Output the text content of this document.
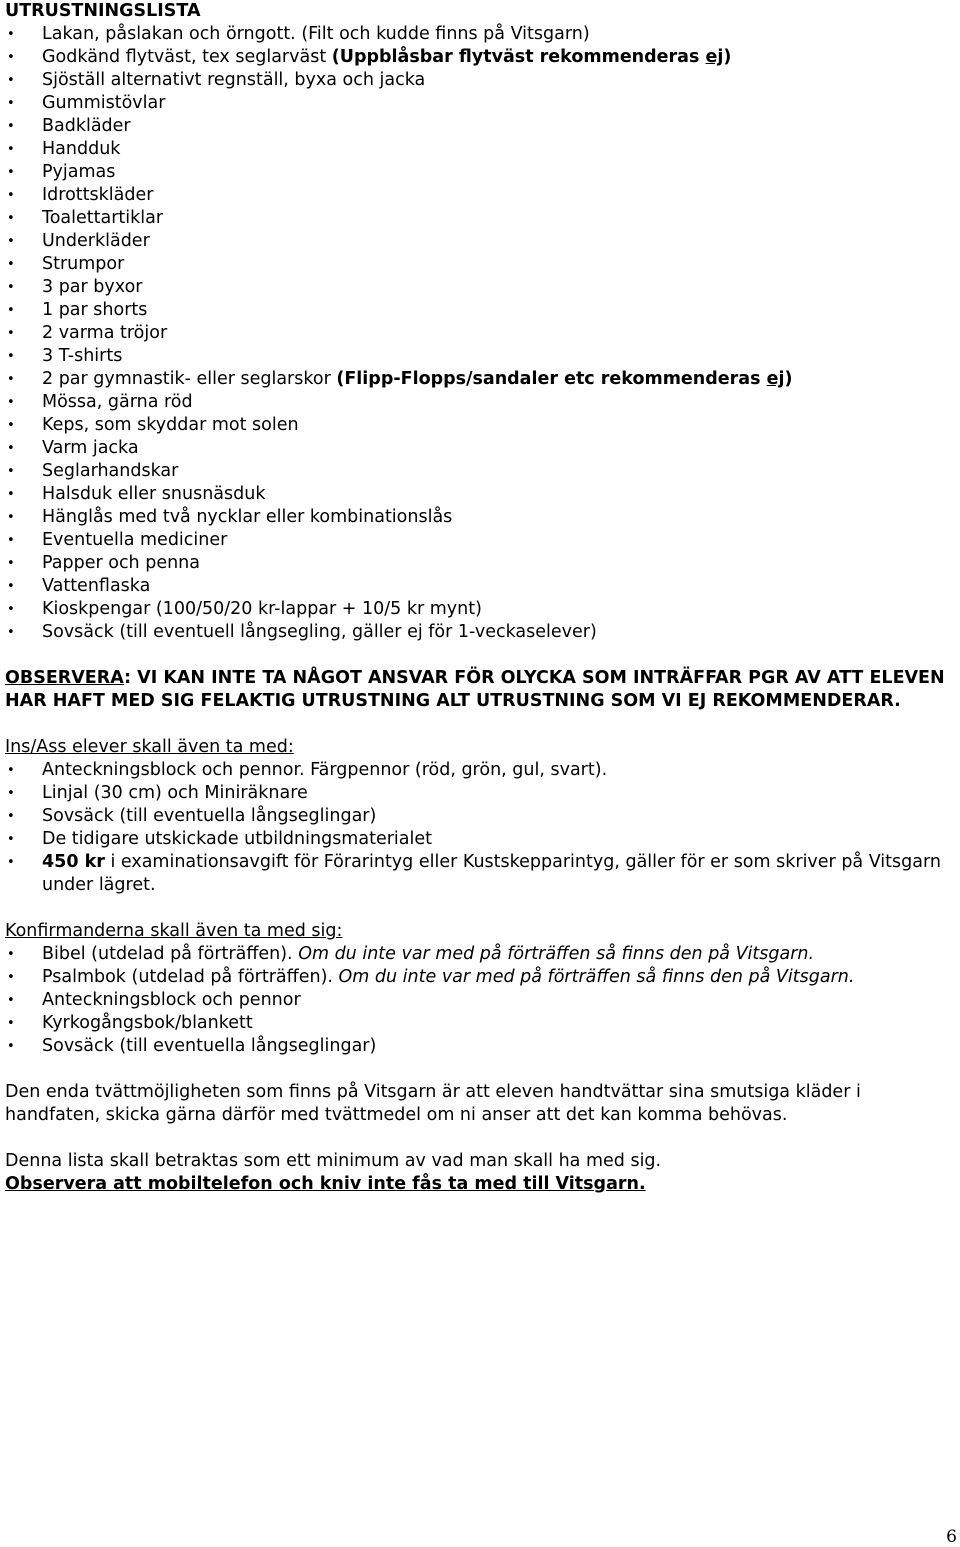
UTRUSTNINGSLISTA
• Lakan, påslakan och örngott. (Filt och kudde finns på Vitsgarn)
• Godkänd flytväst, tex seglarväst (Uppblåsbar flytväst rekommenderas ej)
• Sjöställ alternativt regnställ, byxa och jacka
• Gummistövlar
• Badkläder
• Handduk
• Pyjamas
• Idrottskläder
• Toalettartiklar
• Underkläder
• Strumpor
• 3 par byxor
• 1 par shorts
• 2 varma tröjor
• 3 T-shirts
• 2 par gymnastik- eller seglarskor (Flipp-Flopps/sandaler etc rekommenderas ej)
• Mössa, gärna röd
• Keps, som skyddar mot solen
• Varm jacka
• Seglarhandskar
• Halsduk eller snusnäsduk
• Hänglås med två nycklar eller kombinationslås
• Eventuella mediciner
• Papper och penna
• Vattenflaska
• Kioskpengar (100/50/20 kr-lappar + 10/5 kr mynt)
• Sovsäck (till eventuell långsegling, gäller ej för 1-veckaselever)

OBSERVERA: VI KAN INTE TA NÅGOT ANSVAR FÖR OLYCKA SOM INTRÄFFAR PGR AV ATT ELEVEN HAR HAFT MED SIG FELAKTIG UTRUSTNING ALT UTRUSTNING SOM VI EJ REKOMMENDERAR.

Ins/Ass elever skall även ta med:

• Anteckningsblock och pennor. Färgpennor (röd, grön, gul, svart).
• Linjal (30 cm) och Miniräknare
• Sovsäck (till eventuella långseglingar)
• De tidigare utskickade utbildningsmaterialet
• 450 kr i examinationsavgift för Förarintyg eller Kustskepparintyg, gäller för er som skriver på Vitsgarn under lägret.

Konfirmanderna skall även ta med sig:

• Bibel (utdelad på förträffen). Om du inte var med på förträffen så finns den på Vitsgarn.
• Psalmbok (utdelad på förträffen). Om du inte var med på förträffen så finns den på Vitsgarn.
• Anteckningsblock och pennor
• Kyrkogångsbok/blankett
• Sovsäck (till eventuella långseglingar)

Den enda tvättmöjligheten som finns på Vitsgarn är att eleven handtvättar sina smutsiga kläder i handfaten, skicka gärna därför med tvättmedel om ni anser att det kan komma behövas.

Denna lista skall betraktas som ett minimum av vad man skall ha med sig.

Observera att mobiltelefon och kniv inte fås ta med till Vitsgarn.

6
